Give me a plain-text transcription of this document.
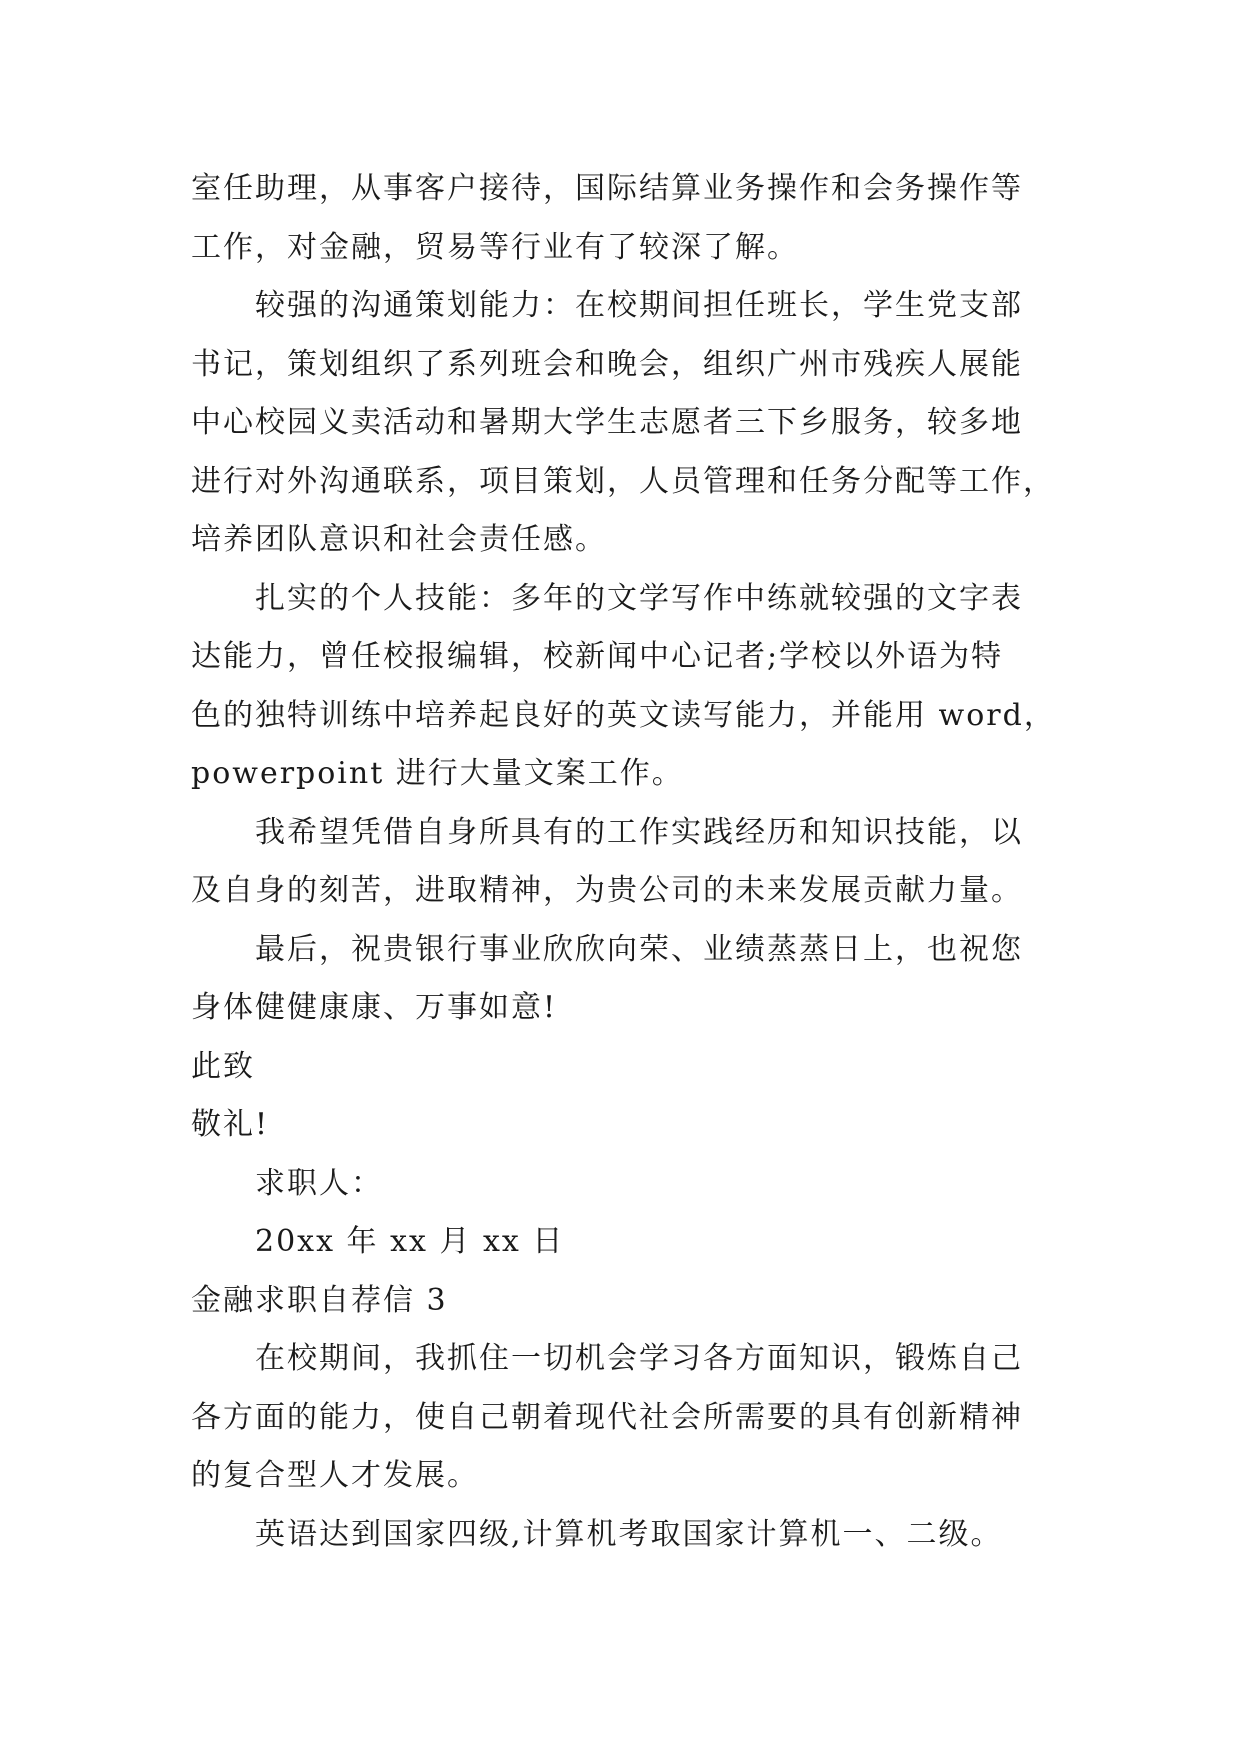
室任助理，从事客户接待，国际结算业务操作和会务操作等
工作，对金融，贸易等行业有了较深了解。
较强的沟通策划能力：在校期间担任班长，学生党支部
书记，策划组织了系列班会和晚会，组织广州市残疾人展能
中心校园义卖活动和暑期大学生志愿者三下乡服务，较多地
进行对外沟通联系，项目策划，人员管理和任务分配等工作，
培养团队意识和社会责任感。
扎实的个人技能：多年的文学写作中练就较强的文字表
达能力，曾任校报编辑，校新闻中心记者;学校以外语为特
色的独特训练中培养起良好的英文读写能力，并能用 word，
powerpoint 进行大量文案工作。
我希望凭借自身所具有的工作实践经历和知识技能，以
及自身的刻苦，进取精神，为贵公司的未来发展贡献力量。
最后，祝贵银行事业欣欣向荣、业绩蒸蒸日上，也祝您
身体健健康康、万事如意!
此致
敬礼!
求职人：
20xx 年 xx 月 xx 日
金融求职自荐信 3
在校期间，我抓住一切机会学习各方面知识，锻炼自己
各方面的能力，使自己朝着现代社会所需要的具有创新精神
的复合型人才发展。
英语达到国家四级,计算机考取国家计算机一、二级。
